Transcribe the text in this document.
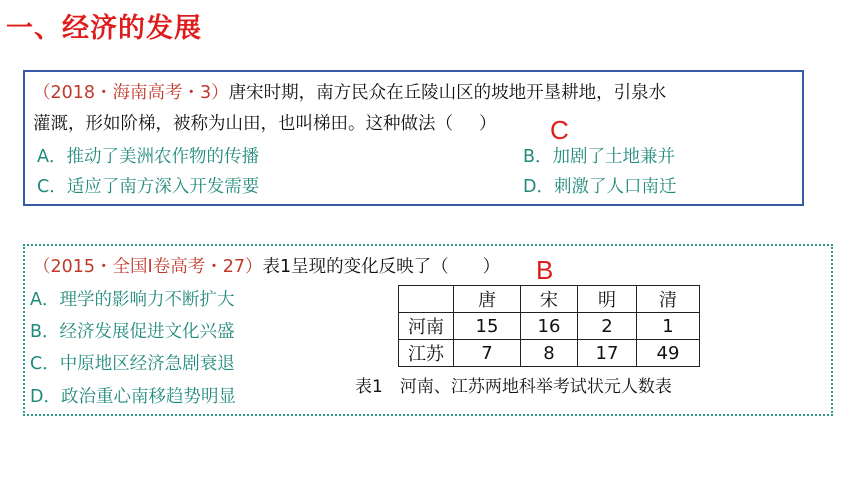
一、经济的发展
（2018・海南高考・3）唐宋时期，南方民众在丘陵山区的坡地开垦耕地，引泉水
灌溉，形如阶梯，被称为山田，也叫梯田。这种做法（ ） C
A．推动了美洲农作物的传播	B．加剧了土地兼并
C．适应了南方深入开发需要	D．刺激了人口南迁
（2015・全国Ⅰ卷高考・27）表1呈现的变化反映了（ ） B
A．理学的影响力不断扩大
B．经济发展促进文化兴盛
C．中原地区经济急剧衰退
D．政治重心南移趋势明显
	唐	宋	明	清
河南	15	16	2	1
江苏	7	8	17	49
表1　河南、江苏两地科举考试状元人数表
